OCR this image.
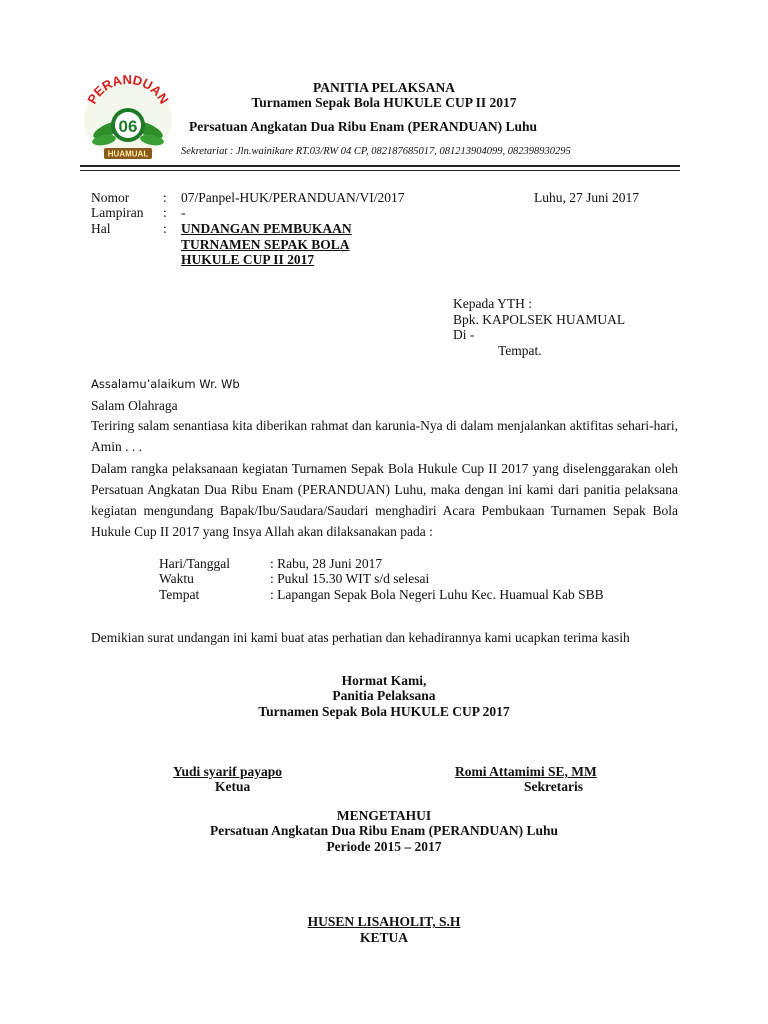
PERANDUAN
06
HUAMUAL
PANITIA PELAKSANA
Turnamen Sepak Bola HUKULE CUP II 2017
Persatuan Angkatan Dua Ribu Enam (PERANDUAN) Luhu
Sekretariat : Jln.wainikare RT.03/RW 04 CP, 082187685017, 081213904099, 082398930295
Nomor	: 07/Panpel-HUK/PERANDUAN/VI/2017	Luhu, 27 Juni 2017
Lampiran : -
Hal	: UNDANGAN PEMBUKAAN
TURNAMEN SEPAK BOLA
HUKULE CUP II 2017
Kepada YTH :
Bpk. KAPOLSEK HUAMUAL
Di -
Tempat.
Assalamu’alaikum Wr. Wb
Salam Olahraga
Teriring salam senantiasa kita diberikan rahmat dan karunia-Nya di dalam menjalankan aktifitas sehari-hari, Amin . . .
Dalam rangka pelaksanaan kegiatan Turnamen Sepak Bola Hukule Cup II 2017 yang diselenggarakan oleh Persatuan Angkatan Dua Ribu Enam (PERANDUAN) Luhu, maka dengan ini kami dari panitia pelaksana kegiatan mengundang Bapak/Ibu/Saudara/Saudari menghadiri Acara Pembukaan Turnamen Sepak Bola Hukule Cup II 2017 yang Insya Allah akan dilaksanakan pada :
Hari/Tanggal	: Rabu, 28 Juni 2017
Waktu	: Pukul 15.30 WIT s/d selesai
Tempat	: Lapangan Sepak Bola Negeri Luhu Kec. Huamual Kab SBB
Demikian surat undangan ini kami buat atas perhatian dan kehadirannya kami ucapkan terima kasih
Hormat Kami,
Panitia Pelaksana
Turnamen Sepak Bola HUKULE CUP 2017
Yudi syarif payapo
Ketua
Romi Attamimi SE, MM
Sekretaris
MENGETAHUI
Persatuan Angkatan Dua Ribu Enam (PERANDUAN) Luhu
Periode 2015 – 2017
HUSEN LISAHOLIT, S.H
KETUA
